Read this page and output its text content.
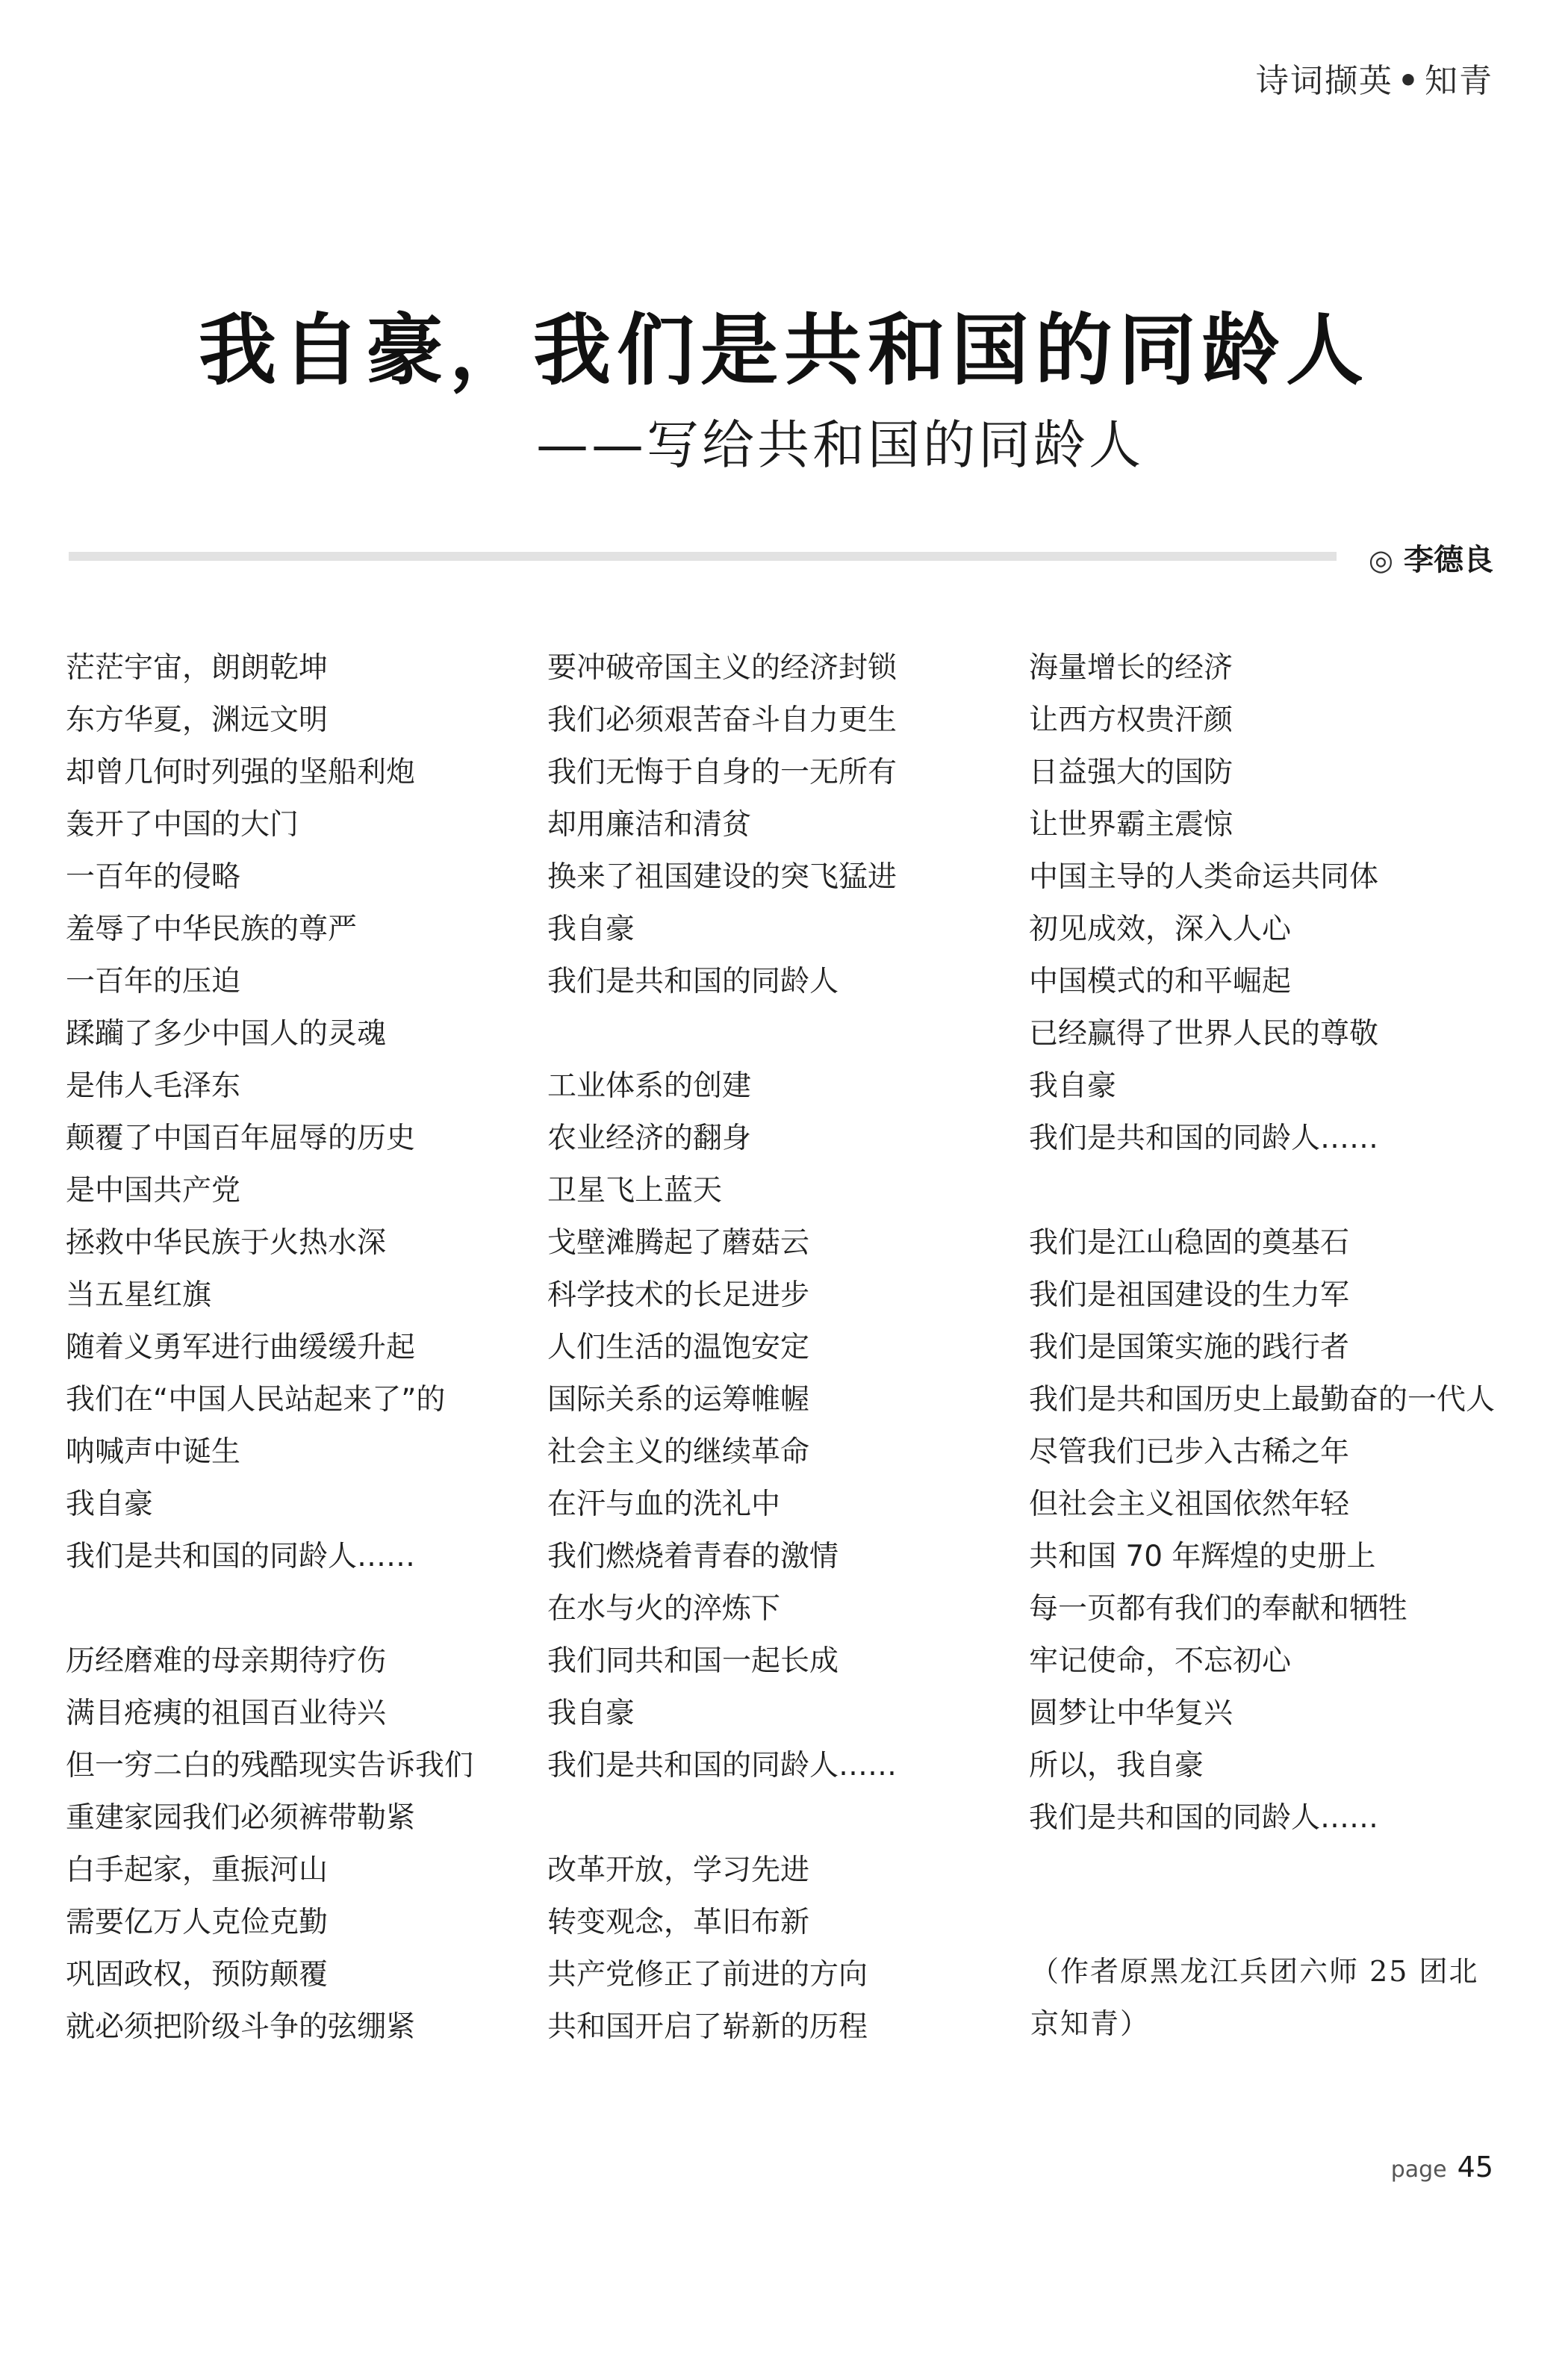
诗词撷英 • 知青
我自豪，我们是共和国的同龄人
——写给共和国的同龄人
◎ 李德良
茫茫宇宙，朗朗乾坤
东方华夏，渊远文明
却曾几何时列强的坚船利炮
轰开了中国的大门
一百年的侵略
羞辱了中华民族的尊严
一百年的压迫
蹂躏了多少中国人的灵魂
是伟人毛泽东
颠覆了中国百年屈辱的历史
是中国共产党
拯救中华民族于火热水深
当五星红旗
随着义勇军进行曲缓缓升起
我们在“中国人民站起来了”的
呐喊声中诞生
我自豪
我们是共和国的同龄人……
历经磨难的母亲期待疗伤
满目疮痍的祖国百业待兴
但一穷二白的残酷现实告诉我们
重建家园我们必须裤带勒紧
白手起家，重振河山
需要亿万人克俭克勤
巩固政权，预防颠覆
就必须把阶级斗争的弦绷紧
要冲破帝国主义的经济封锁
我们必须艰苦奋斗自力更生
我们无悔于自身的一无所有
却用廉洁和清贫
换来了祖国建设的突飞猛进
我自豪
我们是共和国的同龄人
工业体系的创建
农业经济的翻身
卫星飞上蓝天
戈壁滩腾起了蘑菇云
科学技术的长足进步
人们生活的温饱安定
国际关系的运筹帷幄
社会主义的继续革命
在汗与血的洗礼中
我们燃烧着青春的激情
在水与火的淬炼下
我们同共和国一起长成
我自豪
我们是共和国的同龄人……
改革开放，学习先进
转变观念，革旧布新
共产党修正了前进的方向
共和国开启了崭新的历程
海量增长的经济
让西方权贵汗颜
日益强大的国防
让世界霸主震惊
中国主导的人类命运共同体
初见成效，深入人心
中国模式的和平崛起
已经赢得了世界人民的尊敬
我自豪
我们是共和国的同龄人……
我们是江山稳固的奠基石
我们是祖国建设的生力军
我们是国策实施的践行者
我们是共和国历史上最勤奋的一代人
尽管我们已步入古稀之年
但社会主义祖国依然年轻
共和国 70 年辉煌的史册上
每一页都有我们的奉献和牺牲
牢记使命，不忘初心
圆梦让中华复兴
所以，我自豪
我们是共和国的同龄人……
（作者原黑龙江兵团六师 25 团北
京知青）
page 45
